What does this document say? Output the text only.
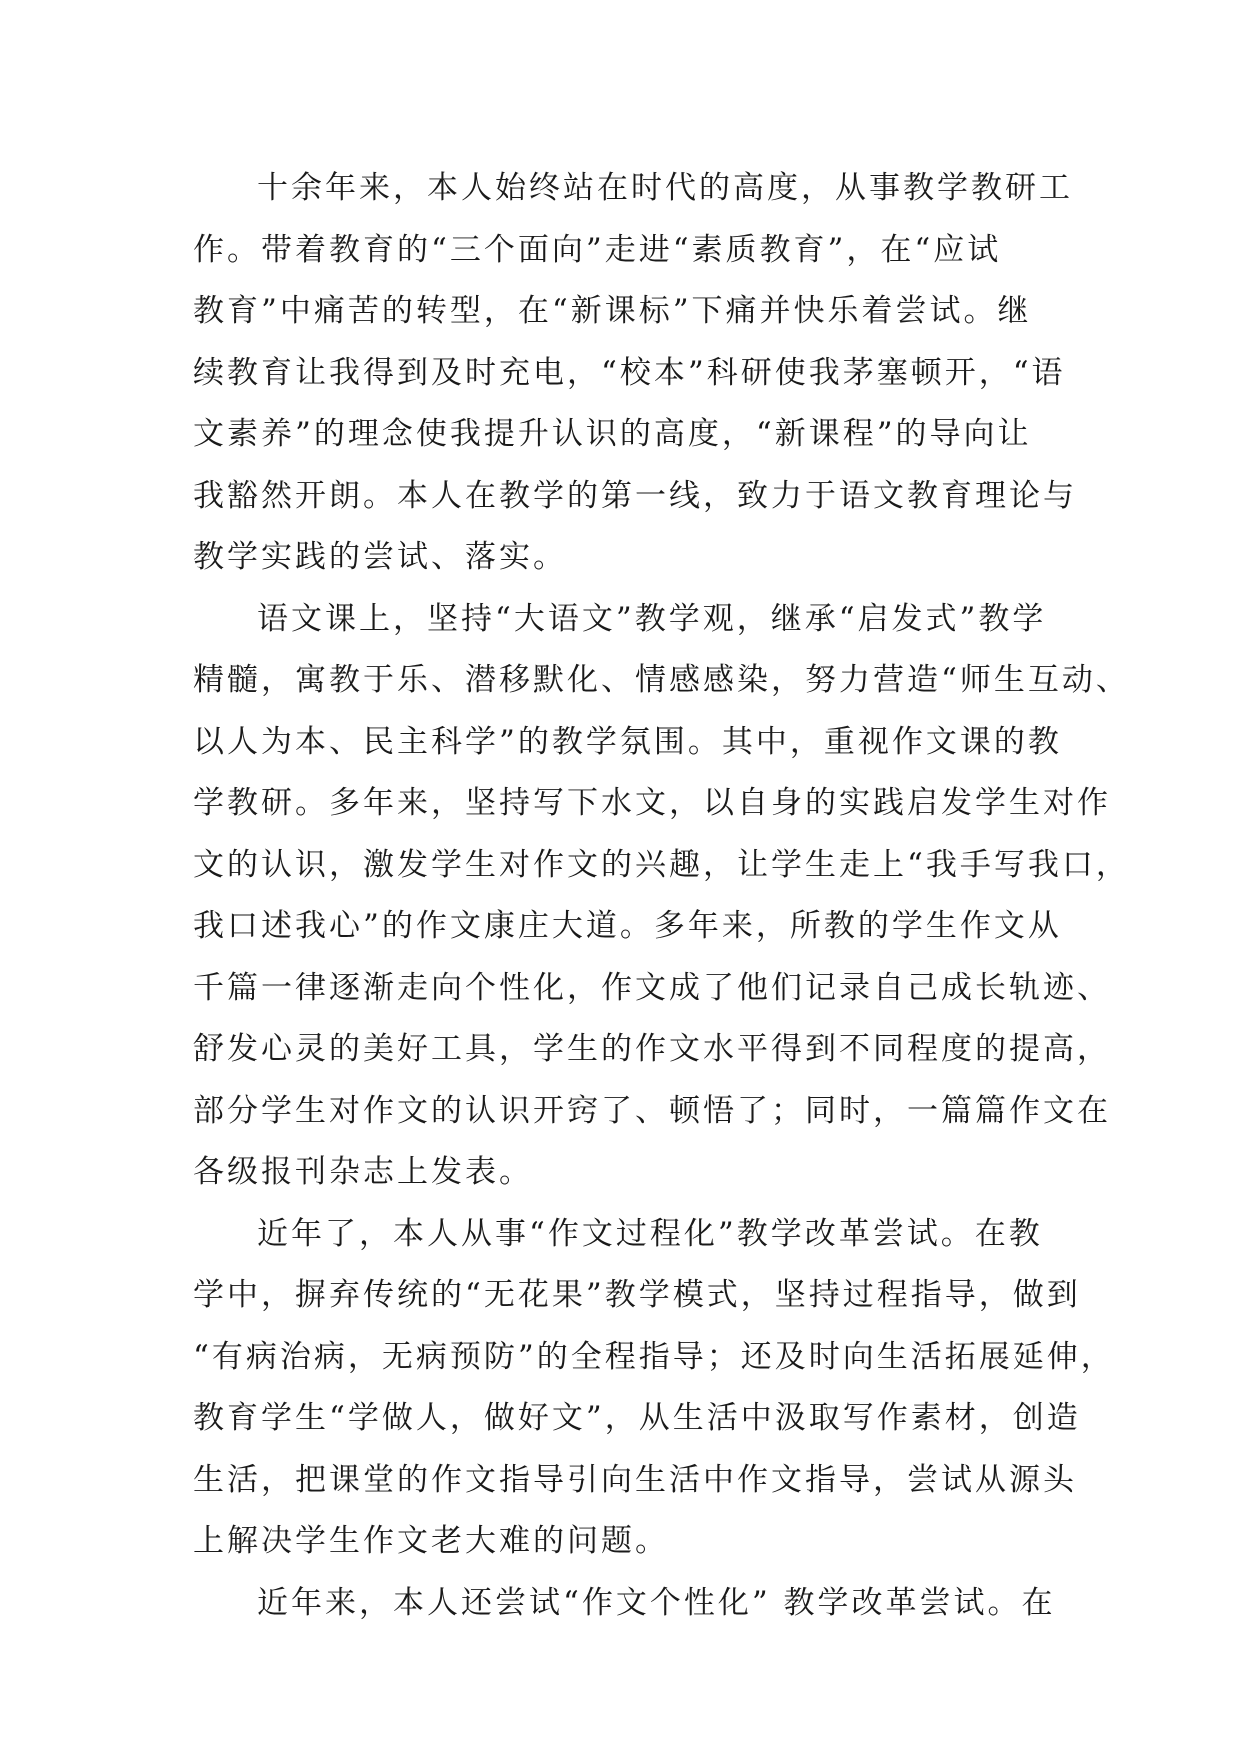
十余年来，本人始终站在时代的高度，从事教学教研工
作。带着教育的“三个面向”走进“素质教育”，在“应试
教育”中痛苦的转型，在“新课标”下痛并快乐着尝试。继
续教育让我得到及时充电，“校本”科研使我茅塞顿开，“语
文素养”的理念使我提升认识的高度，“新课程”的导向让
我豁然开朗。本人在教学的第一线，致力于语文教育理论与
教学实践的尝试、落实。

语文课上，坚持“大语文”教学观，继承“启发式”教学
精髓，寓教于乐、潜移默化、情感感染，努力营造“师生互动、
以人为本、民主科学”的教学氛围。其中，重视作文课的教
学教研。多年来，坚持写下水文，以自身的实践启发学生对作
文的认识，激发学生对作文的兴趣，让学生走上“我手写我口，
我口述我心”的作文康庄大道。多年来，所教的学生作文从
千篇一律逐渐走向个性化，作文成了他们记录自己成长轨迹、
舒发心灵的美好工具，学生的作文水平得到不同程度的提高，
部分学生对作文的认识开窍了、顿悟了；同时，一篇篇作文在
各级报刊杂志上发表。

近年了，本人从事“作文过程化”教学改革尝试。在教
学中，摒弃传统的“无花果”教学模式，坚持过程指导，做到
“有病治病，无病预防”的全程指导；还及时向生活拓展延伸，
教育学生“学做人，做好文”，从生活中汲取写作素材，创造
生活，把课堂的作文指导引向生活中作文指导，尝试从源头
上解决学生作文老大难的问题。

近年来，本人还尝试“作文个性化” 教学改革尝试。在
